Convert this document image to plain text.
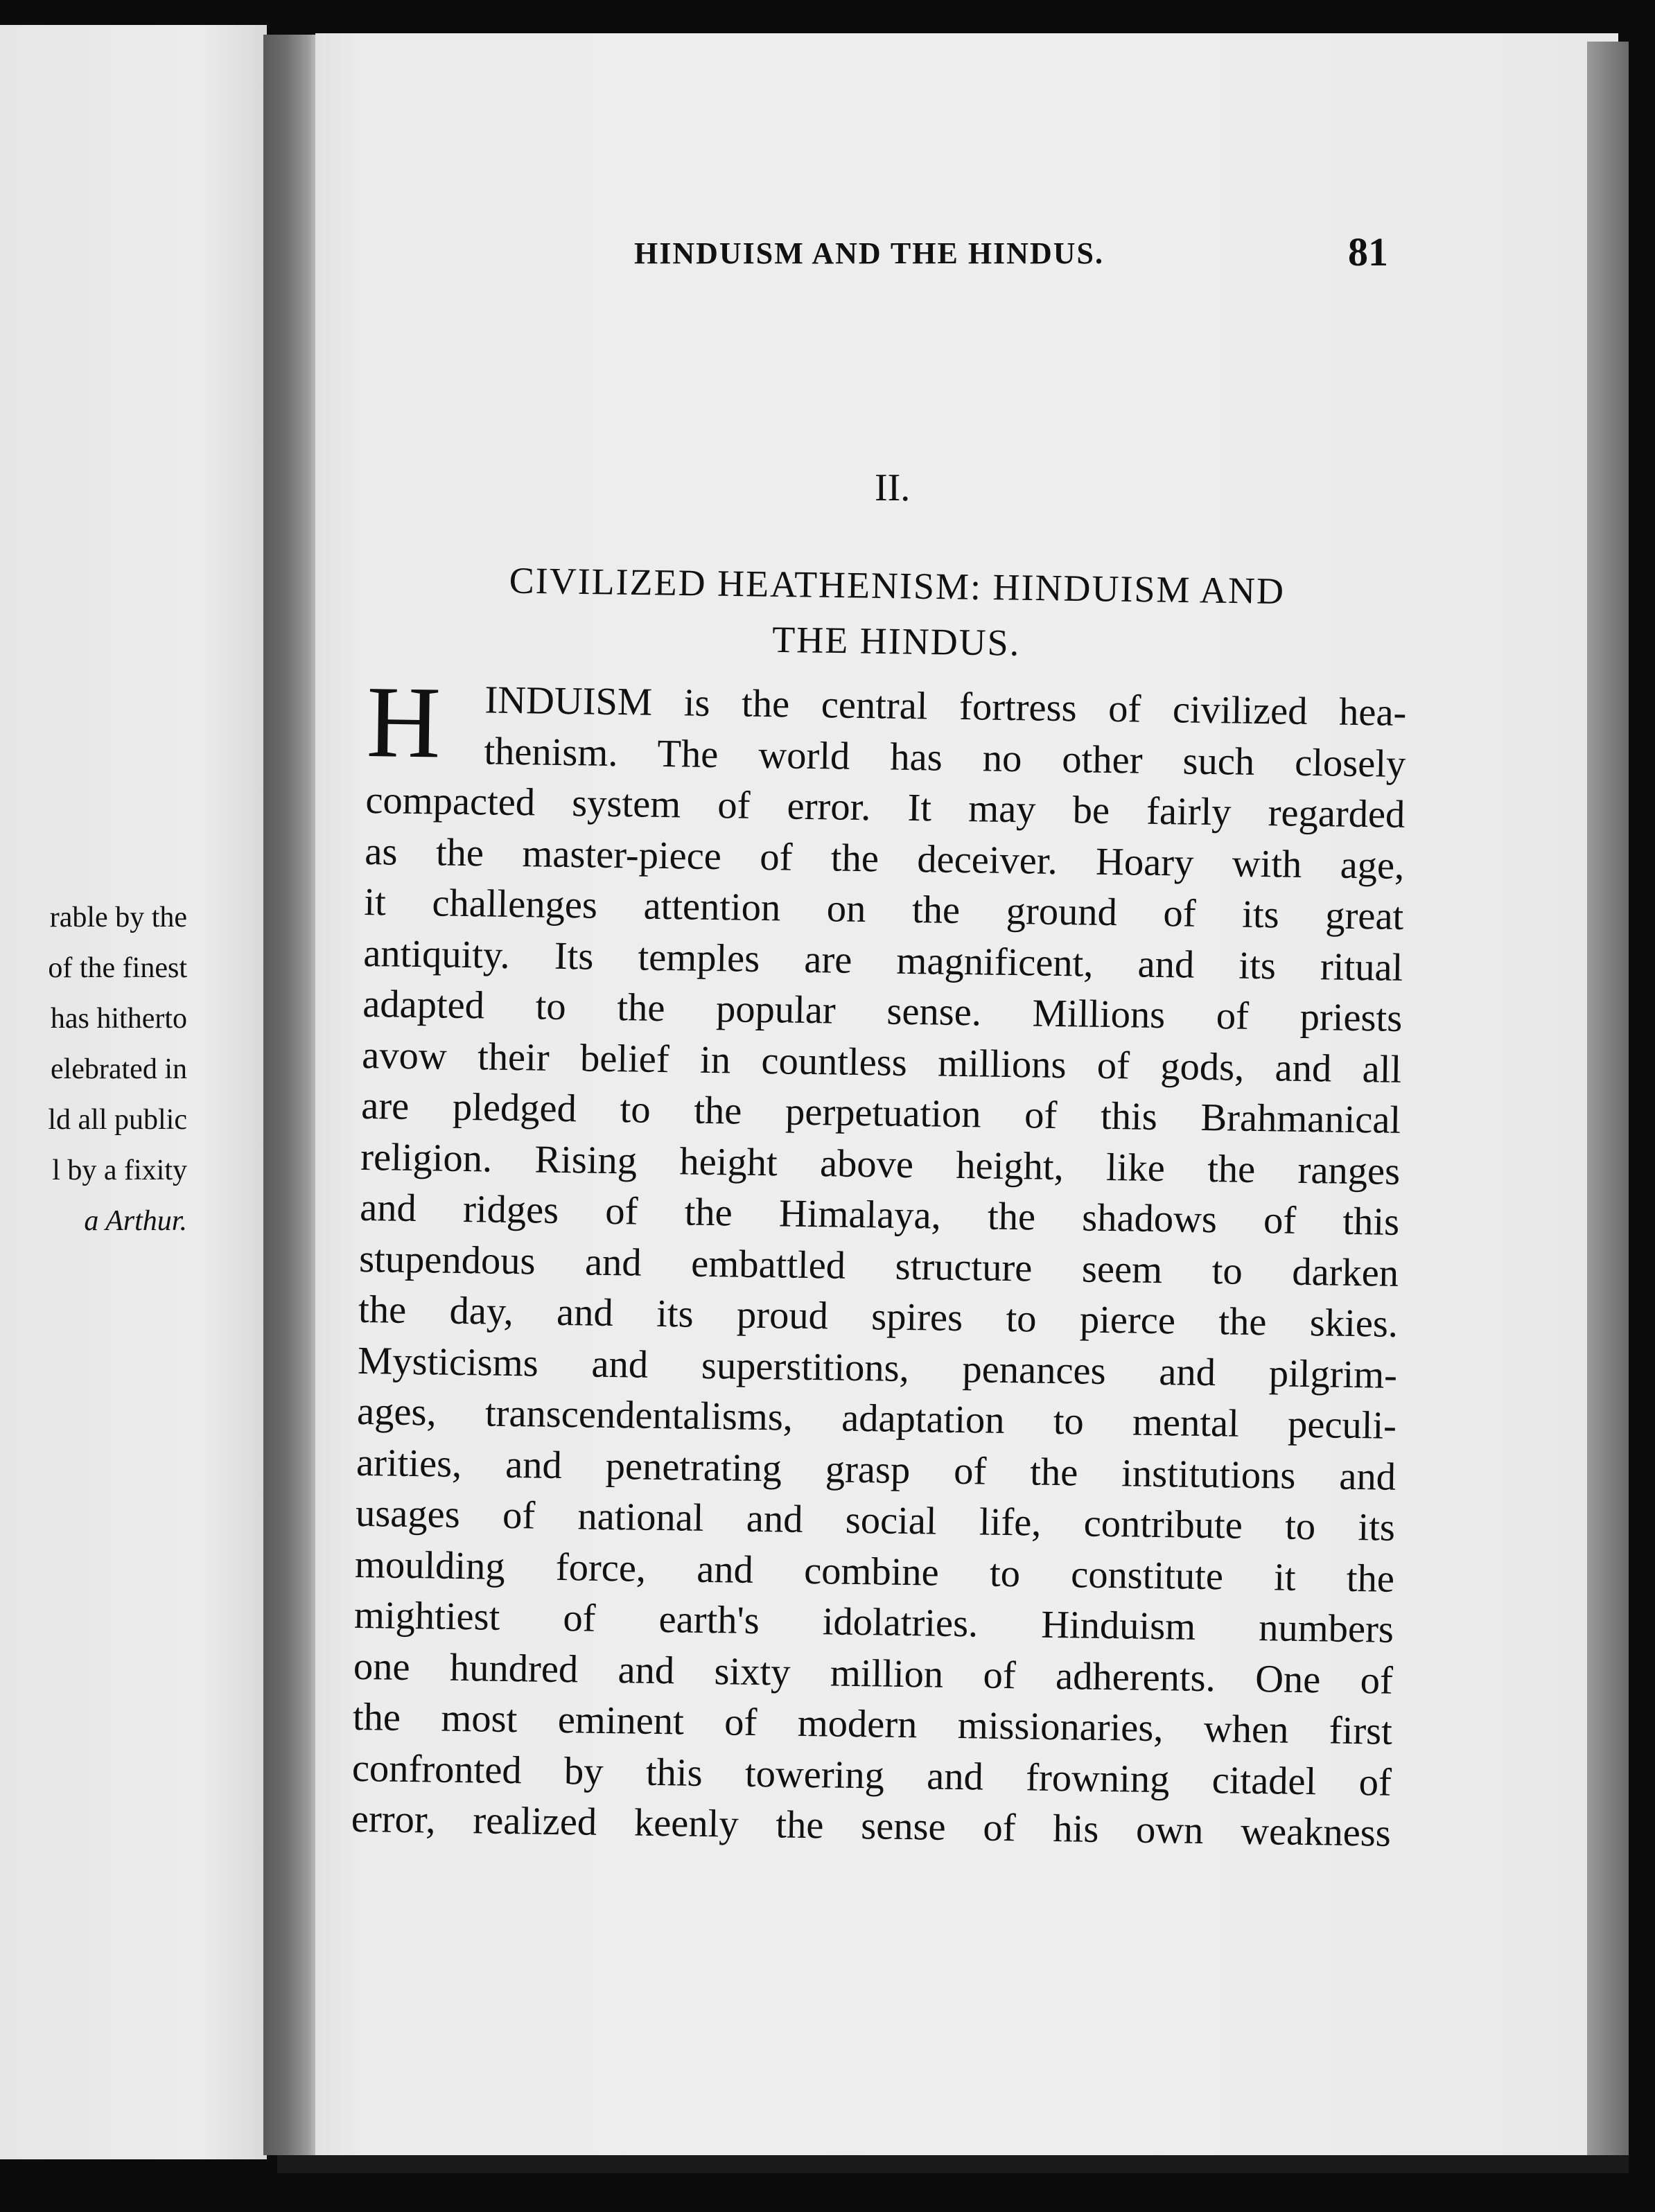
rable by the
of the finest
has hitherto
elebrated in
ld all public
l by a fixity
a Arthur.
HINDUISM AND THE HINDUS.	81
II.
CIVILIZED HEATHENISM: HINDUISM AND
THE HINDUS.
H INDUISM is the central fortress of civilized hea-
thenism. The world has no other such closely
compacted system of error. It may be fairly regarded
as the master-piece of the deceiver. Hoary with age,
it challenges attention on the ground of its great
antiquity. Its temples are magnificent, and its ritual
adapted to the popular sense. Millions of priests
avow their belief in countless millions of gods, and all
are pledged to the perpetuation of this Brahmanical
religion. Rising height above height, like the ranges
and ridges of the Himalaya, the shadows of this
stupendous and embattled structure seem to darken
the day, and its proud spires to pierce the skies.
Mysticisms and superstitions, penances and pilgrim-
ages, transcendentalisms, adaptation to mental peculi-
arities, and penetrating grasp of the institutions and
usages of national and social life, contribute to its
moulding force, and combine to constitute it the
mightiest of earth's idolatries. Hinduism numbers
one hundred and sixty million of adherents. One of
the most eminent of modern missionaries, when first
confronted by this towering and frowning citadel of
error, realized keenly the sense of his own weakness
